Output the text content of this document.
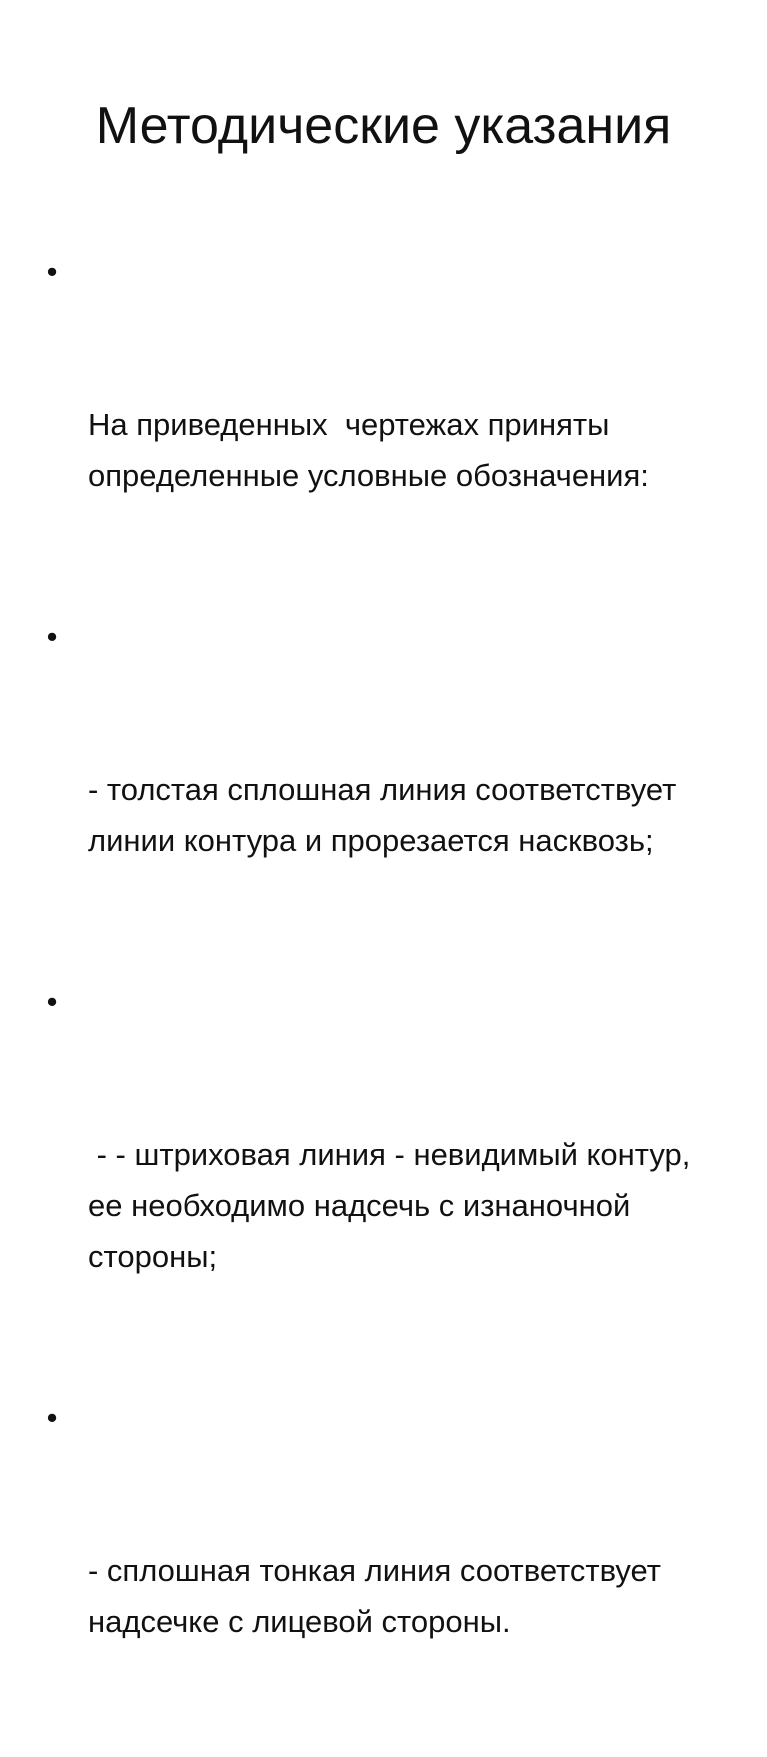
Методические указания

•

На приведенных  чертежах приняты определенные условные обозначения:

•

- толстая сплошная линия соответствует линии контура и прорезается насквозь;

•

- - штриховая линия - невидимый контур, ее необходимо надсечь с изнаночной стороны;

•

- сплошная тонкая линия соответствует надсечке с лицевой стороны.
